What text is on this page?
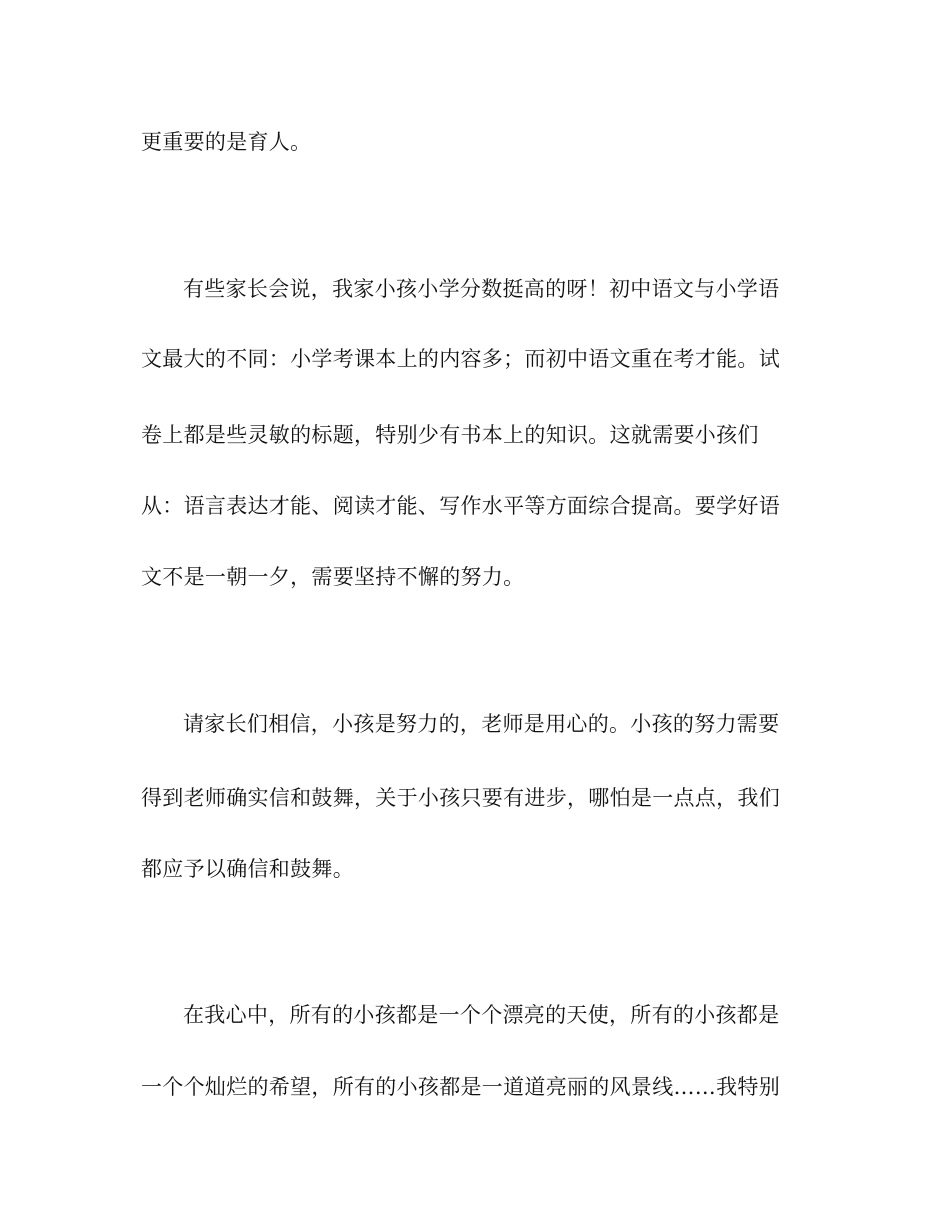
更重要的是育人。

有些家长会说，我家小孩小学分数挺高的呀！初中语文与小学语

文最大的不同：小学考课本上的内容多；而初中语文重在考才能。试

卷上都是些灵敏的标题，特别少有书本上的知识。这就需要小孩们

从：语言表达才能、阅读才能、写作水平等方面综合提高。要学好语

文不是一朝一夕，需要坚持不懈的努力。

请家长们相信，小孩是努力的，老师是用心的。小孩的努力需要

得到老师确实信和鼓舞，关于小孩只要有进步，哪怕是一点点，我们

都应予以确信和鼓舞。

在我心中，所有的小孩都是一个个漂亮的天使，所有的小孩都是

一个个灿烂的希望，所有的小孩都是一道道亮丽的风景线……我特别
